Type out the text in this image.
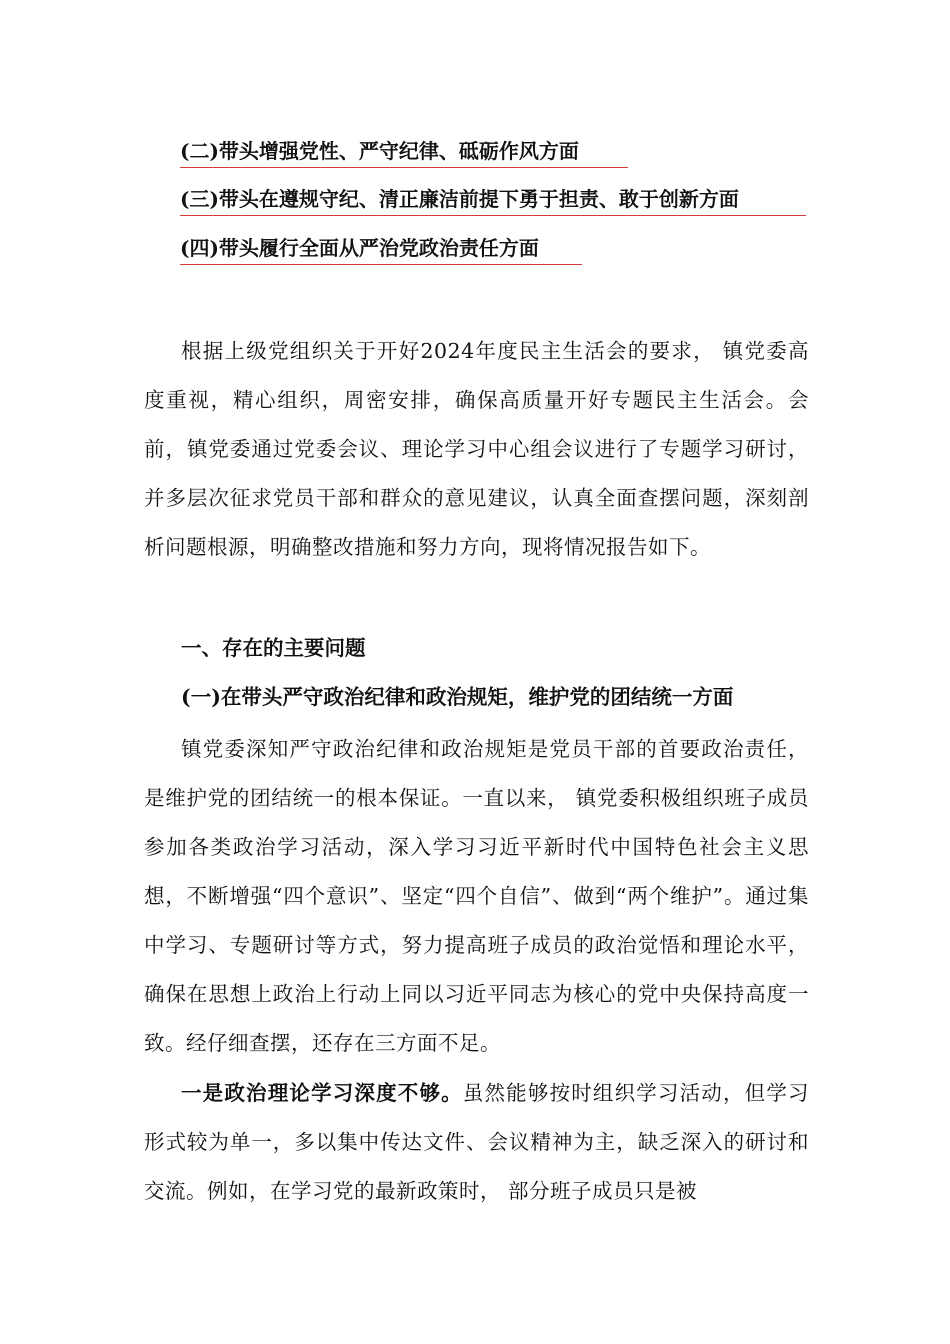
(二)带头增强党性、严守纪律、砥砺作风方面
(三)带头在遵规守纪、清正廉洁前提下勇于担责、敢于创新方面
(四)带头履行全面从严治党政治责任方面

根据上级党组织关于开好2024年度民主生活会的要求， 镇党委高度重视，精心组织，周密安排，确保高质量开好专题民主生活会。会前，镇党委通过党委会议、理论学习中心组会议进行了专题学习研讨，并多层次征求党员干部和群众的意见建议，认真全面查摆问题，深刻剖析问题根源，明确整改措施和努力方向，现将情况报告如下。

一、存在的主要问题

(一)在带头严守政治纪律和政治规矩，维护党的团结统一方面

镇党委深知严守政治纪律和政治规矩是党员干部的首要政治责任，是维护党的团结统一的根本保证。一直以来， 镇党委积极组织班子成员参加各类政治学习活动，深入学习习近平新时代中国特色社会主义思想，不断增强“四个意识”、坚定“四个自信”、做到“两个维护”。通过集中学习、专题研讨等方式，努力提高班子成员的政治觉悟和理论水平，确保在思想上政治上行动上同以习近平同志为核心的党中央保持高度一致。经仔细查摆，还存在三方面不足。

一是政治理论学习深度不够。虽然能够按时组织学习活动，但学习形式较为单一，多以集中传达文件、会议精神为主，缺乏深入的研讨和交流。例如，在学习党的最新政策时， 部分班子成员只是被
